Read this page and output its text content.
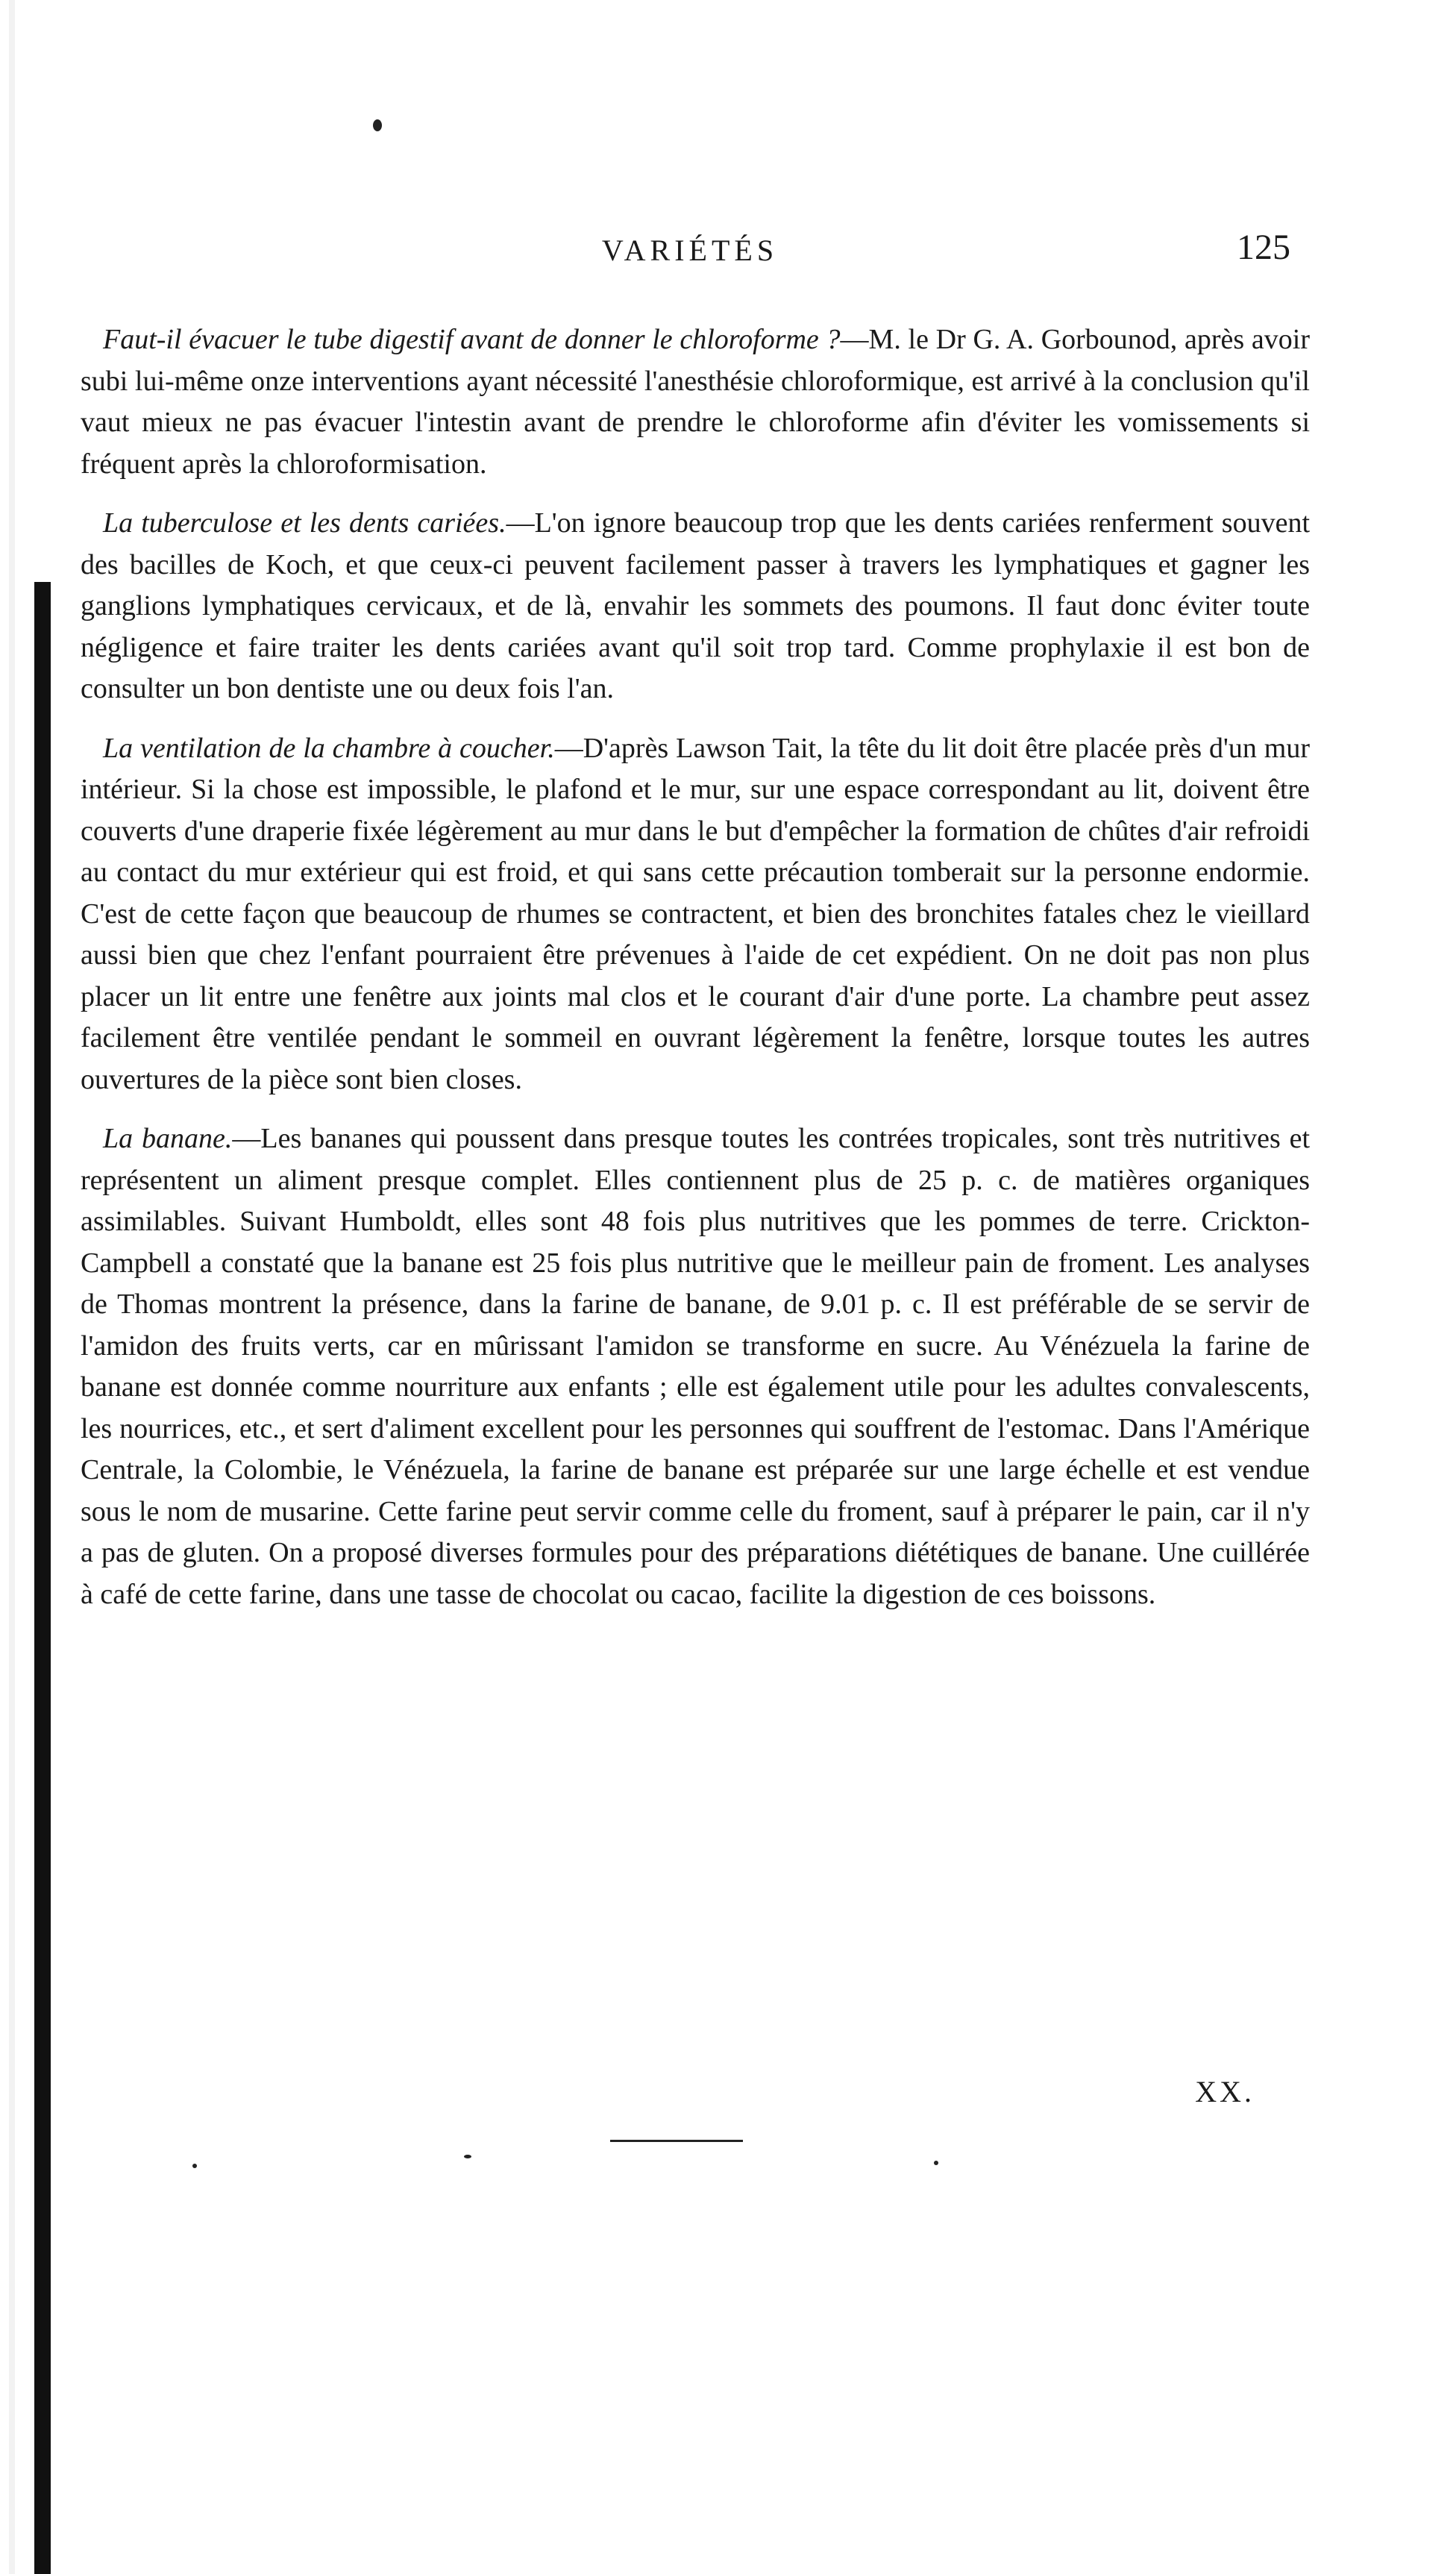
VARIÉTÉS	125

Faut-il évacuer le tube digestif avant de donner le chloroforme ?—M. le Dr G. A. Gorbounod, après avoir subi lui-même onze interventions ayant nécessité l'anesthésie chloroformique, est arrivé à la conclusion qu'il vaut mieux ne pas évacuer l'intestin avant de prendre le chloroforme afin d'éviter les vomissements si fréquent après la chloroformisation.

La tuberculose et les dents cariées.—L'on ignore beaucoup trop que les dents cariées renferment souvent des bacilles de Koch, et que ceux-ci peuvent facilement passer à travers les lymphatiques et gagner les ganglions lymphatiques cervicaux, et de là, envahir les sommets des poumons. Il faut donc éviter toute négligence et faire traiter les dents cariées avant qu'il soit trop tard. Comme prophylaxie il est bon de consulter un bon dentiste une ou deux fois l'an.

La ventilation de la chambre à coucher.—D'après Lawson Tait, la tête du lit doit être placée près d'un mur intérieur. Si la chose est impossible, le plafond et le mur, sur une espace correspondant au lit, doivent être couverts d'une draperie fixée légèrement au mur dans le but d'empêcher la formation de chûtes d'air refroidi au contact du mur extérieur qui est froid, et qui sans cette précaution tomberait sur la personne endormie. C'est de cette façon que beaucoup de rhumes se contractent, et bien des bronchites fatales chez le vieillard aussi bien que chez l'enfant pourraient être prévenues à l'aide de cet expédient. On ne doit pas non plus placer un lit entre une fenêtre aux joints mal clos et le courant d'air d'une porte. La chambre peut assez facilement être ventilée pendant le sommeil en ouvrant légèrement la fenêtre, lorsque toutes les autres ouvertures de la pièce sont bien closes.

La banane.—Les bananes qui poussent dans presque toutes les contrées tropicales, sont très nutritives et représentent un aliment presque complet. Elles contiennent plus de 25 p. c. de matières organiques assimilables. Suivant Humboldt, elles sont 48 fois plus nutritives que les pommes de terre. Crickton-Campbell a constaté que la banane est 25 fois plus nutritive que le meilleur pain de froment. Les analyses de Thomas montrent la présence, dans la farine de banane, de 9.01 p. c. Il est préférable de se servir de l'amidon des fruits verts, car en mûrissant l'amidon se transforme en sucre. Au Vénézuela la farine de banane est donnée comme nourriture aux enfants ; elle est également utile pour les adultes convalescents, les nourrices, etc., et sert d'aliment excellent pour les personnes qui souffrent de l'estomac. Dans l'Amérique Centrale, la Colombie, le Vénézuela, la farine de banane est préparée sur une large échelle et est vendue sous le nom de musarine. Cette farine peut servir comme celle du froment, sauf à préparer le pain, car il n'y a pas de gluten. On a proposé diverses formules pour des préparations diététiques de banane. Une cuillérée à café de cette farine, dans une tasse de chocolat ou cacao, facilite la digestion de ces boissons.

XX.
